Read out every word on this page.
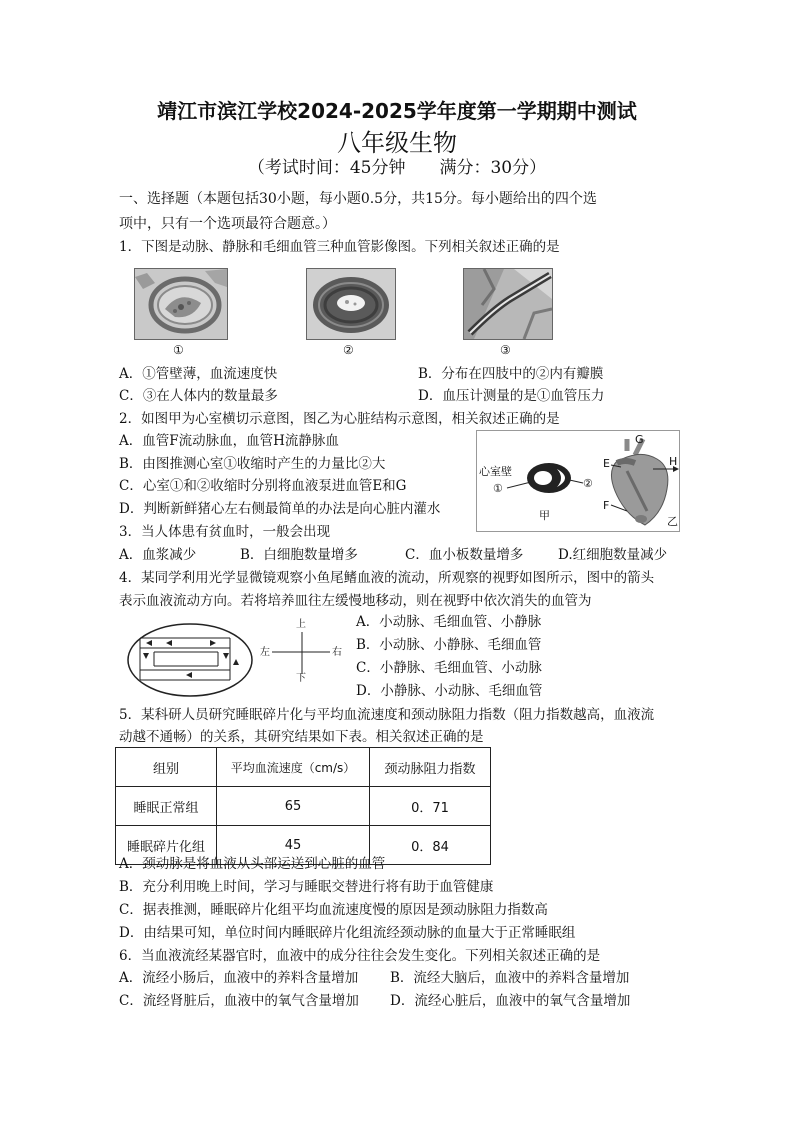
靖江市滨江学校2024-2025学年度第一学期期中测试
八年级生物
（考试时间：45分钟　　满分：30分）
一、选择题（本题包括30小题，每小题0.5分，共15分。每小题给出的四个选
项中，只有一个选项最符合题意。）
1．下图是动脉、静脉和毛细血管三种血管影像图。下列相关叙述正确的是
①	②	③
A．①管壁薄，血流速度快	B．分布在四肢中的②内有瓣膜
C．③在人体内的数量最多	D．血压计测量的是①血管压力
2．如图甲为心室横切示意图，图乙为心脏结构示意图，相关叙述正确的是
A．血管F流动脉血，血管H流静脉血
B．由图推测心室①收缩时产生的力量比②大
C．心室①和②收缩时分别将血液泵进血管E和G
D．判断新鲜猪心左右侧最简单的办法是向心脏内灌水
心室壁
①	②
甲	乙
G
E	H
F
3．当人体患有贫血时，一般会出现
A．血浆减少	B．白细胞数量增多	C．血小板数量增多	D.红细胞数量减少
4．某同学利用光学显微镜观察小鱼尾鳍血液的流动，所观察的视野如图所示，图中的箭头
表示血液流动方向。若将培养皿往左缓慢地移动，则在视野中依次消失的血管为
上
下
左	右
A．小动脉、毛细血管、小静脉
B．小动脉、小静脉、毛细血管
C．小静脉、毛细血管、小动脉
D．小静脉、小动脉、毛细血管
5．某科研人员研究睡眠碎片化与平均血流速度和颈动脉阻力指数（阻力指数越高，血液流
动越不通畅）的关系，其研究结果如下表。相关叙述正确的是
组别	平均血流速度（cm/s）	颈动脉阻力指数
睡眠正常组	65	0．71
睡眠碎片化组	45	0．84
A．颈动脉是将血液从头部运送到心脏的血管
B．充分利用晚上时间，学习与睡眠交替进行将有助于血管健康
C．据表推测，睡眠碎片化组平均血流速度慢的原因是颈动脉阻力指数高
D．由结果可知，单位时间内睡眠碎片化组流经颈动脉的血量大于正常睡眠组
6．当血液流经某器官时，血液中的成分往往会发生变化。下列相关叙述正确的是
A．流经小肠后，血液中的养料含量增加 B．流经大脑后，血液中的养料含量增加
C．流经肾脏后，血液中的氧气含量增加 D．流经心脏后，血液中的氧气含量增加
